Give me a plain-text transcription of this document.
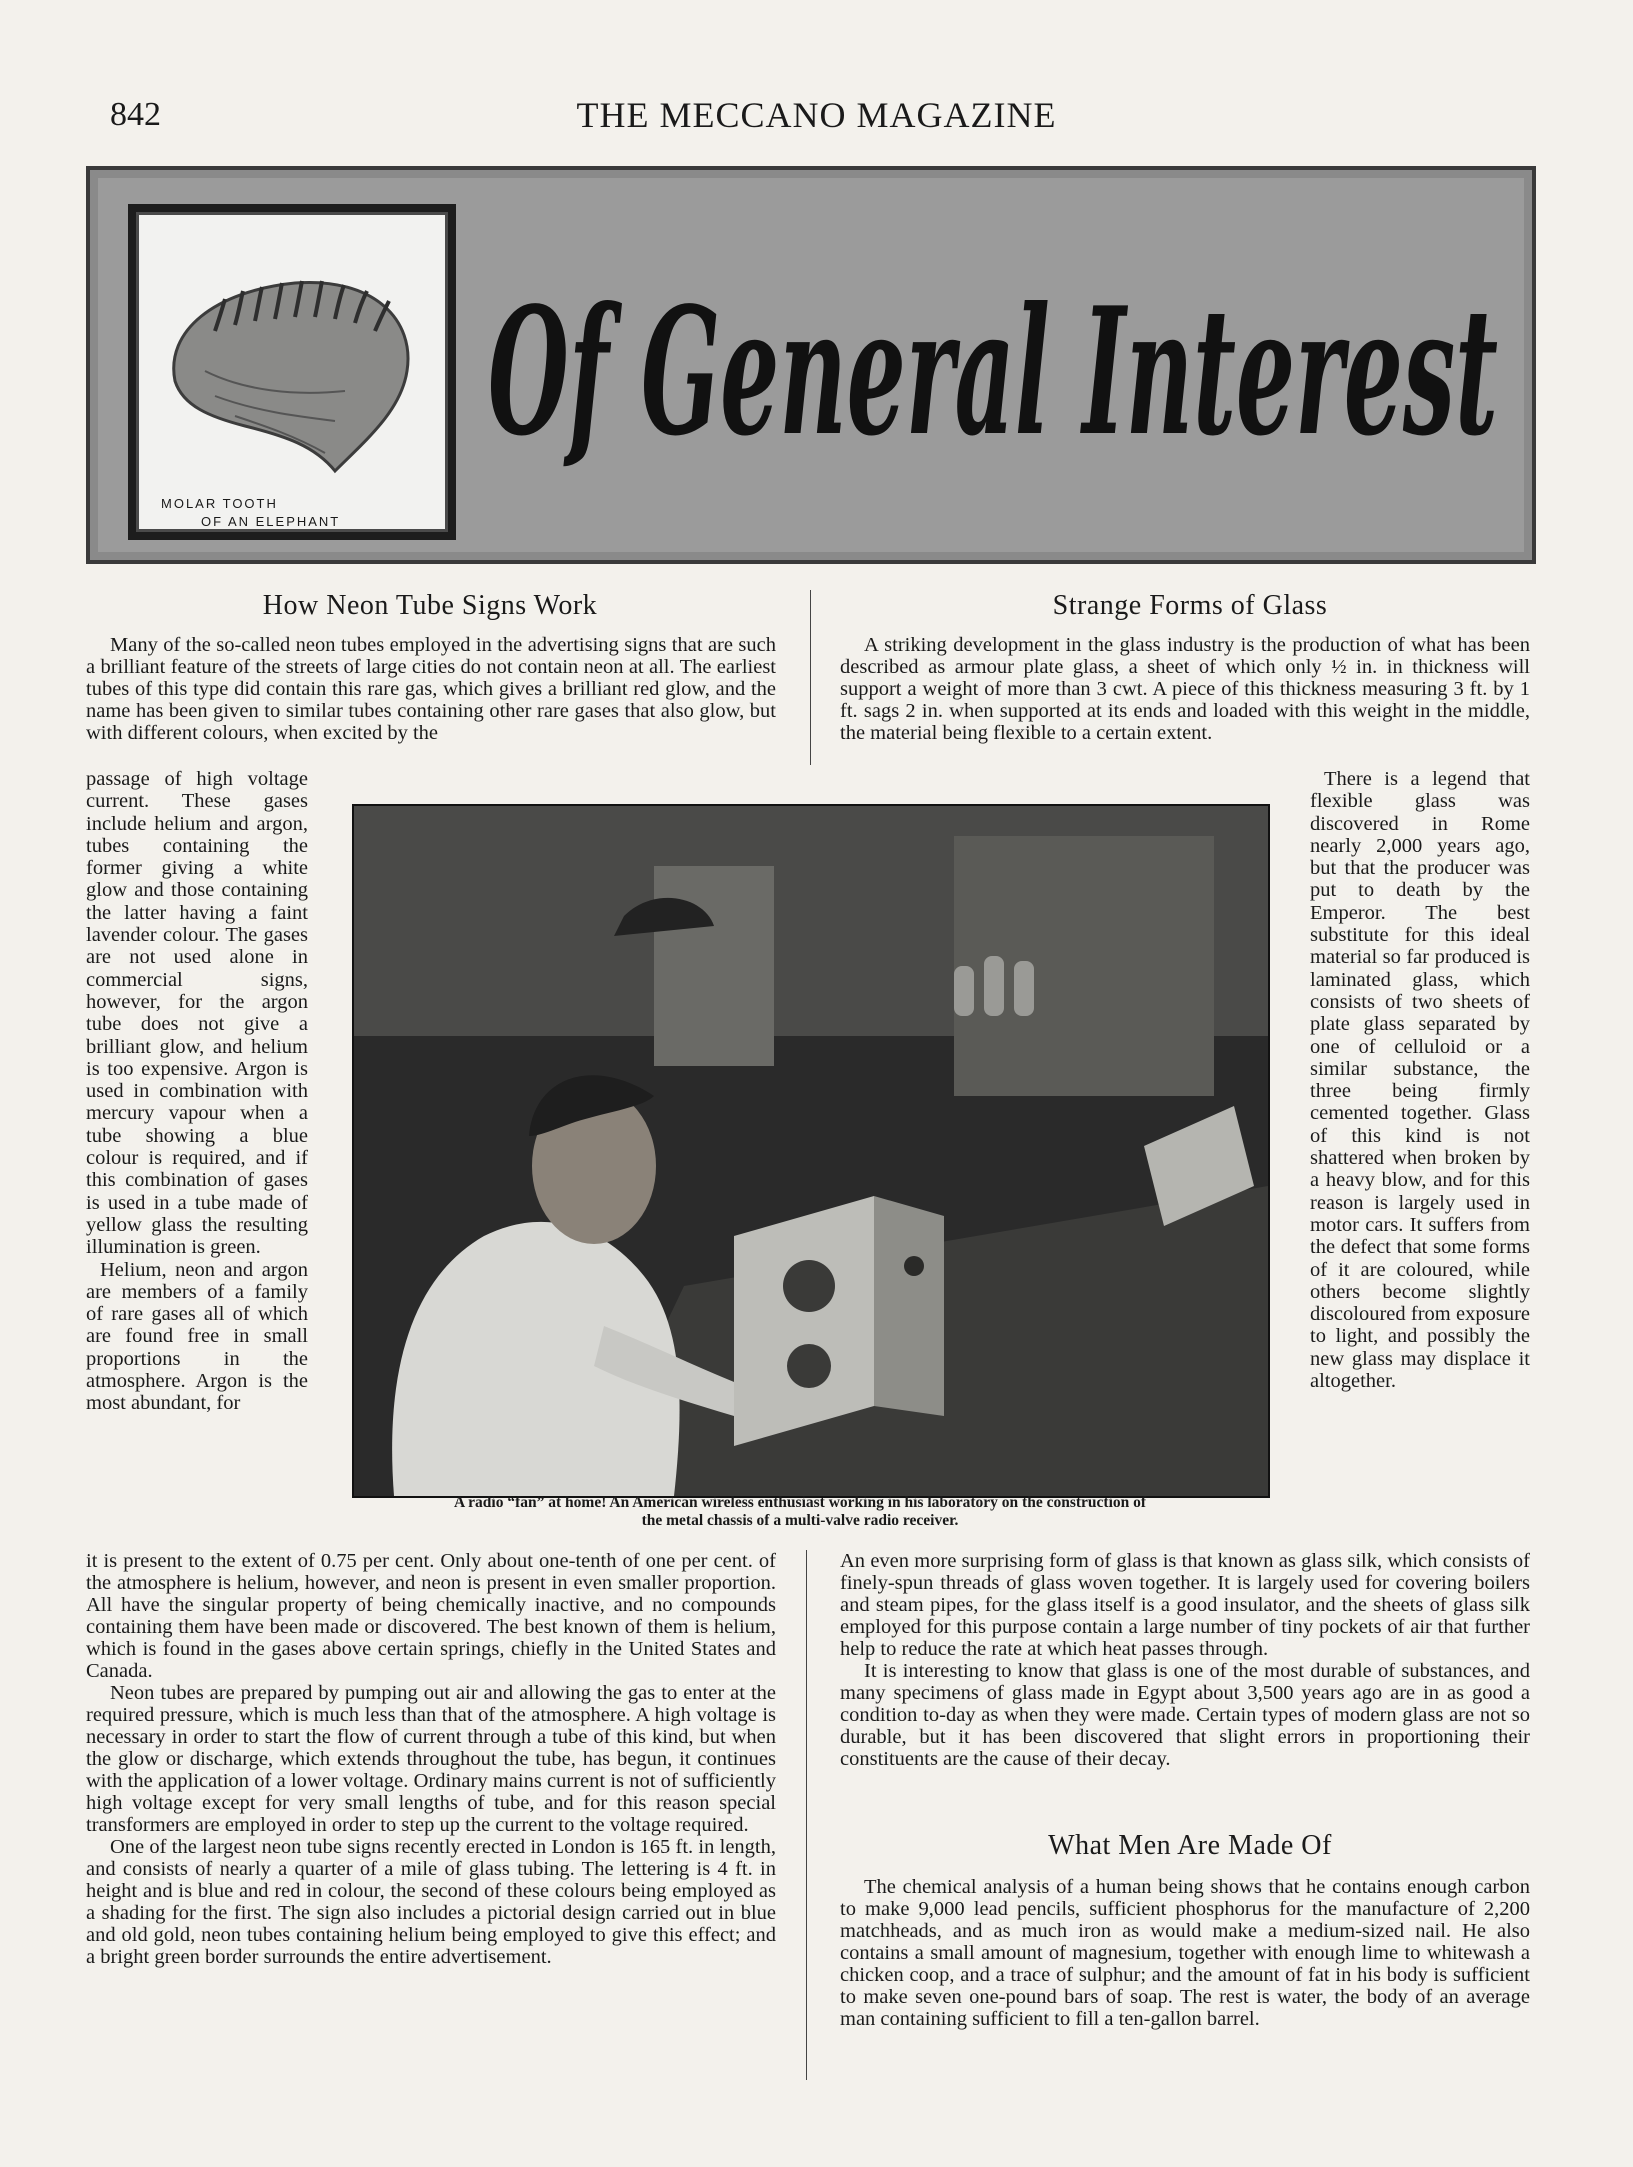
842	THE MECCANO MAGAZINE
MOLAR TOOTH
OF AN ELEPHANT
Of General Interest
How Neon Tube Signs Work

Many of the so-called neon tubes employed in the advertising signs that are such a brilliant feature of the streets of large cities do not contain neon at all. The earliest tubes of this type did contain this rare gas, which gives a brilliant red glow, and the name has been given to similar tubes containing other rare gases that also glow, but with different colours, when excited by the

passage of high voltage current. These gases include helium and argon, tubes containing the former giving a white glow and those containing the latter having a faint lavender colour. The gases are not used alone in commercial signs, however, for the argon tube does not give a brilliant glow, and helium is too expensive. Argon is used in combination with mercury vapour when a tube showing a blue colour is required, and if this combination of gases is used in a tube made of yellow glass the resulting illumination is green.

Helium, neon and argon are members of a family of rare gases all of which are found free in small proportions in the atmosphere. Argon is the most abundant, for

it is present to the extent of 0.75 per cent. Only about one-tenth of one per cent. of the atmosphere is helium, however, and neon is present in even smaller proportion. All have the singular property of being chemically inactive, and no compounds containing them have been made or discovered. The best known of them is helium, which is found in the gases above certain springs, chiefly in the United States and Canada.

Neon tubes are prepared by pumping out air and allowing the gas to enter at the required pressure, which is much less than that of the atmosphere. A high voltage is necessary in order to start the flow of current through a tube of this kind, but when the glow or discharge, which extends throughout the tube, has begun, it continues with the application of a lower voltage. Ordinary mains current is not of sufficiently high voltage except for very small lengths of tube, and for this reason special transformers are employed in order to step up the current to the voltage required.

One of the largest neon tube signs recently erected in London is 165 ft. in length, and consists of nearly a quarter of a mile of glass tubing. The lettering is 4 ft. in height and is blue and red in colour, the second of these colours being employed as a shading for the first. The sign also includes a pictorial design carried out in blue and old gold, neon tubes containing helium being employed to give this effect; and a bright green border surrounds the entire advertisement.

Strange Forms of Glass

A striking development in the glass industry is the production of what has been described as armour plate glass, a sheet of which only ½ in. in thickness will support a weight of more than 3 cwt. A piece of this thickness measuring 3 ft. by 1 ft. sags 2 in. when supported at its ends and loaded with this weight in the middle, the material being flexible to a certain extent.

There is a legend that flexible glass was discovered in Rome nearly 2,000 years ago, but that the producer was put to death by the Emperor. The best substitute for this ideal material so far produced is laminated glass, which consists of two sheets of plate glass separated by one of celluloid or a similar substance, the three being firmly cemented together. Glass of this kind is not shattered when broken by a heavy blow, and for this reason is largely used in motor cars. It suffers from the defect that some forms of it are coloured, while others become slightly discoloured from exposure to light, and possibly the new glass may displace it altogether.

An even more surprising form of glass is that known as glass silk, which consists of finely-spun threads of glass woven together. It is largely used for covering boilers and steam pipes, for the glass itself is a good insulator, and the sheets of glass silk employed for this purpose contain a large number of tiny pockets of air that further help to reduce the rate at which heat passes through.

It is interesting to know that glass is one of the most durable of substances, and many specimens of glass made in Egypt about 3,500 years ago are in as good a condition to-day as when they were made. Certain types of modern glass are not so durable, but it has been discovered that slight errors in proportioning their constituents are the cause of their decay.

What Men Are Made Of

The chemical analysis of a human being shows that he contains enough carbon to make 9,000 lead pencils, sufficient phosphorus for the manufacture of 2,200 matchheads, and as much iron as would make a medium-sized nail. He also contains a small amount of magnesium, together with enough lime to whitewash a chicken coop, and a trace of sulphur; and the amount of fat in his body is sufficient to make seven one-pound bars of soap. The rest is water, the body of an average man containing sufficient to fill a ten-gallon barrel.

A radio “fan” at home! An American wireless enthusiast working in his laboratory on the construction of
the metal chassis of a multi-valve radio receiver.
